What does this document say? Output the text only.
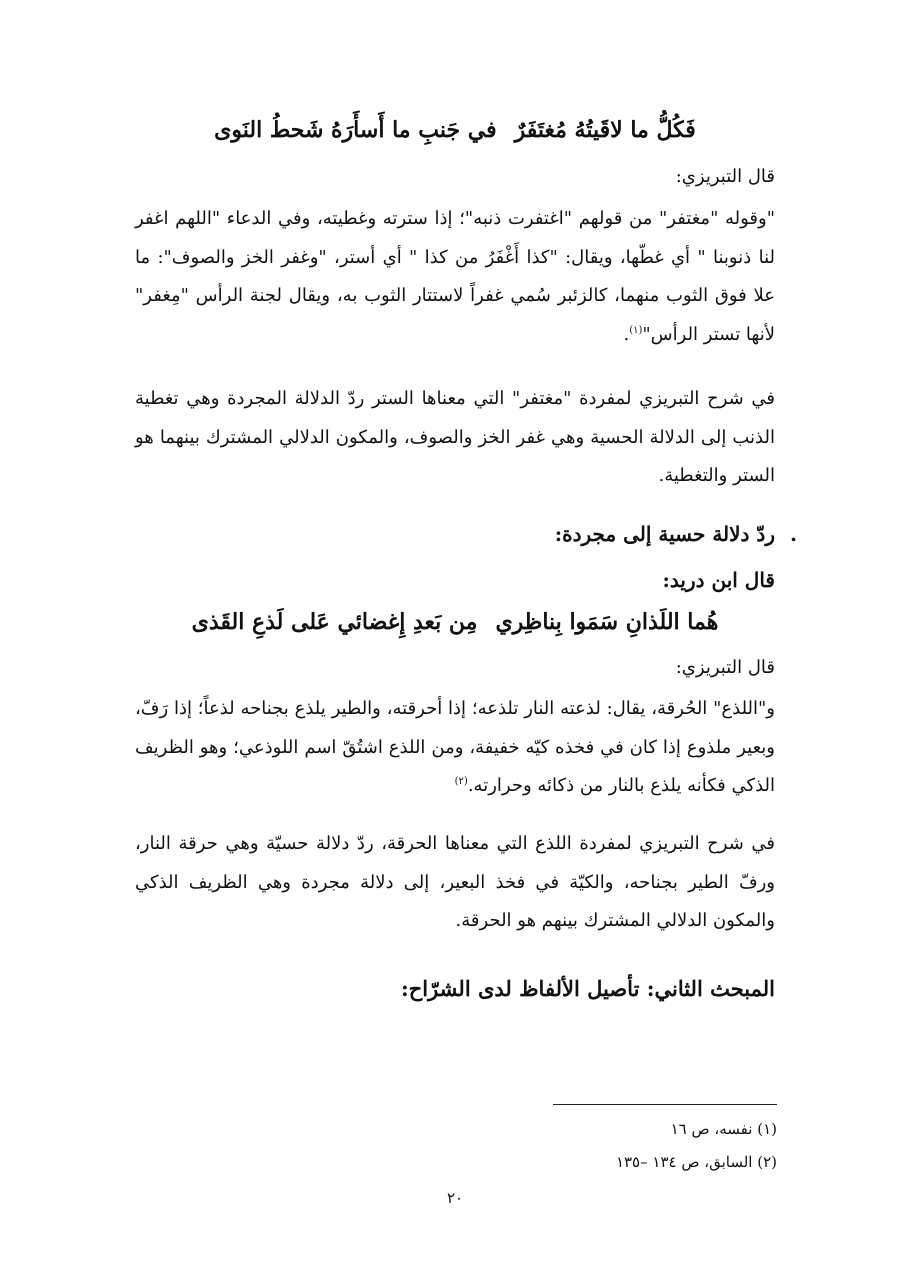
فَكُلُّ ما لاقَيتُهُ مُغتَفَرٌفي جَنبِ ما أَسأَرَهُ شَحطُ النَوى
قال التبريزي:
"وقوله "مغتفر" من قولهم "اغتفرت ذنبه"؛ إذا سترته وغطيته، وفي الدعاء "اللهم اغفر لنا ذنوبنا " أي غطّها، ويقال: "كذا أَغْفَرُ من كذا " أي أستر، "وغفر الخز والصوف": ما علا فوق الثوب منهما، كالزئبر سُمي غفراً لاستتار الثوب به، ويقال لجنة الرأس "مِغفر" لأنها تستر الرأس"$^{(١)}$.
في شرح التبريزي لمفردة "مغتفر" التي معناها الستر ردّ الدلالة المجردة وهي تغطية الذنب إلى الدلالة الحسية وهي غفر الخز والصوف، والمكون الدلالي المشترك بينهما هو الستر والتغطية.
.
ردّ دلالة حسية إلى مجردة:
قال ابن دريد:
هُما اللَذانِ سَمَوا بِناظِريمِن بَعدِ إِغضائي عَلى لَذعِ القَذى
قال التبريزي:
و"اللذع" الحُرقة، يقال: لذعته النار تلذعه؛ إذا أحرقته، والطير يلذع بجناحه لذعاً؛ إذا رَفّ، وبعير ملذوع إذا كان في فخذه كيّه خفيفة، ومن اللذع اشتُقّ اسم اللوذعي؛ وهو الظريف الذكي فكأنه يلذع بالنار من ذكائه وحرارته.$^{(٢)}$
في شرح التبريزي لمفردة اللذع التي معناها الحرقة، ردّ دلالة حسيّة وهي حرقة النار، ورفّ الطير بجناحه، والكيّة في فخذ البعير، إلى دلالة مجردة وهي الظريف الذكي والمكون الدلالي المشترك بينهم هو الحرقة.
المبحث الثاني: تأصيل الألفاظ لدى الشرّاح:
(١) نفسه، ص ١٦
(٢) السابق، ص ١٣٤ –١٣٥
٢٠
